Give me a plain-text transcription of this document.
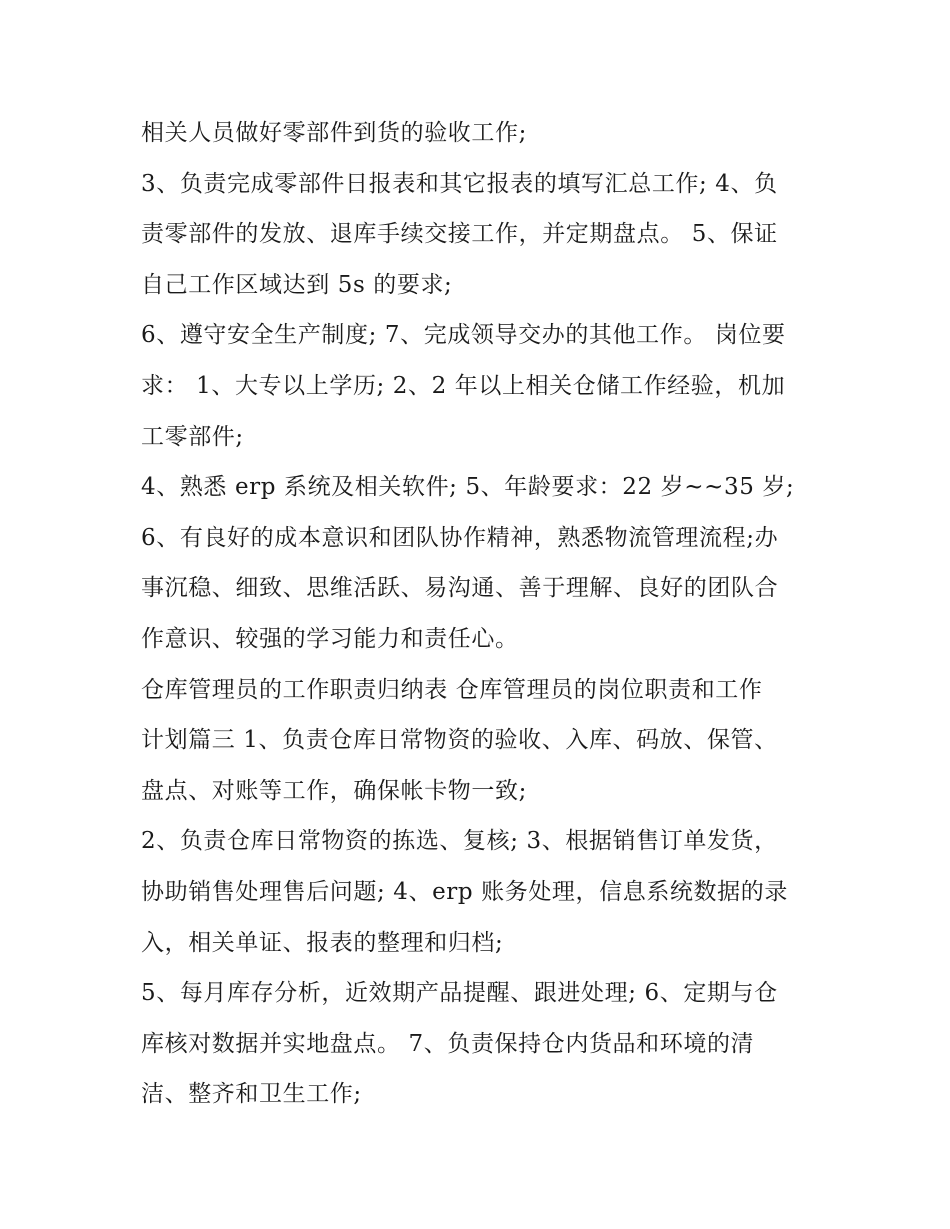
相关人员做好零部件到货的验收工作;
3、负责完成零部件日报表和其它报表的填写汇总工作; 4、负
责零部件的发放、退库手续交接工作，并定期盘点。 5、保证
自己工作区域达到 5s 的要求;
6、遵守安全生产制度; 7、完成领导交办的其他工作。 岗位要
求： 1、大专以上学历; 2、2 年以上相关仓储工作经验，机加
工零部件;
4、熟悉 erp 系统及相关软件; 5、年龄要求：22 岁~~35 岁;
6、有良好的成本意识和团队协作精神，熟悉物流管理流程;办
事沉稳、细致、思维活跃、易沟通、善于理解、良好的团队合
作意识、较强的学习能力和责任心。
仓库管理员的工作职责归纳表 仓库管理员的岗位职责和工作
计划篇三 1、负责仓库日常物资的验收、入库、码放、保管、
盘点、对账等工作，确保帐卡物一致;
2、负责仓库日常物资的拣选、复核; 3、根据销售订单发货，
协助销售处理售后问题; 4、erp 账务处理，信息系统数据的录
入，相关单证、报表的整理和归档;
5、每月库存分析，近效期产品提醒、跟进处理; 6、定期与仓
库核对数据并实地盘点。 7、负责保持仓内货品和环境的清
洁、整齐和卫生工作;
